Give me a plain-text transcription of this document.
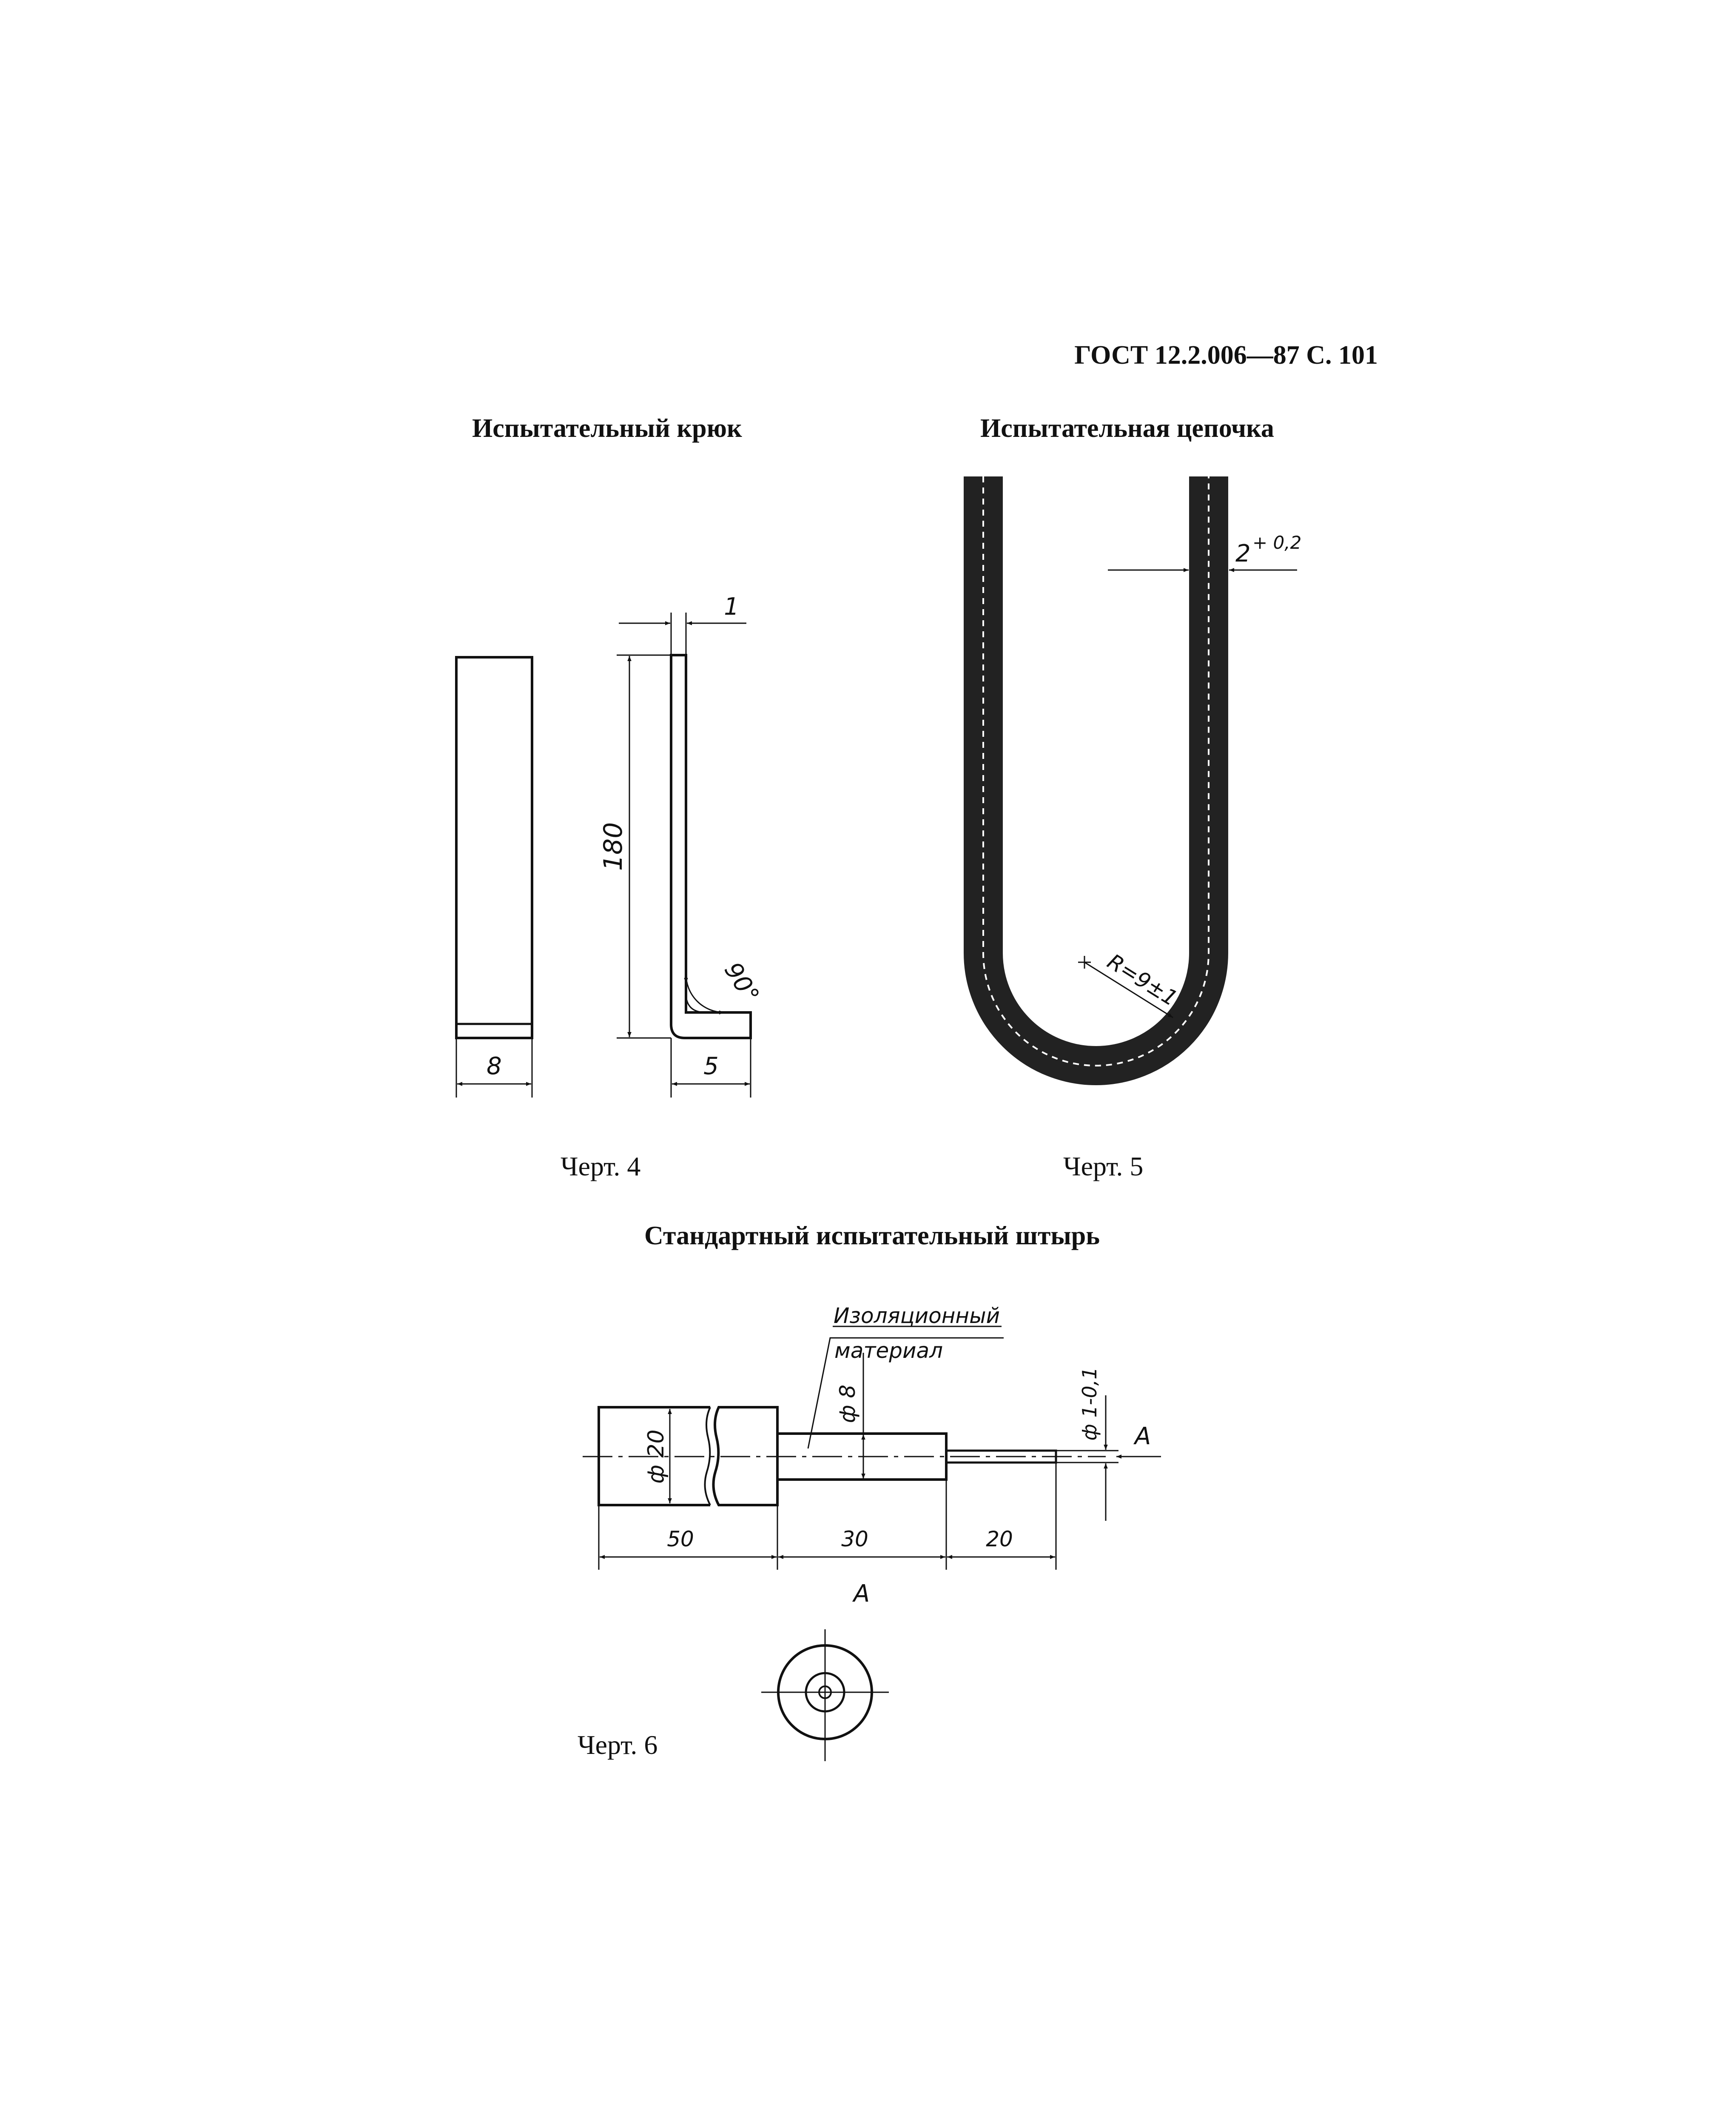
ГОСТ 12.2.006—87 С. 101
Испытательный крюк	Испытательная цепочка
Стандартный испытательный штырь
Черт. 4	Черт. 5
Черт. 6
8
1
180
90°
5
2 + 0,2
R=9±1
ф 20
ф 8
Изоляционный
материал
ф 1-0,1 A
50	30	20
A
